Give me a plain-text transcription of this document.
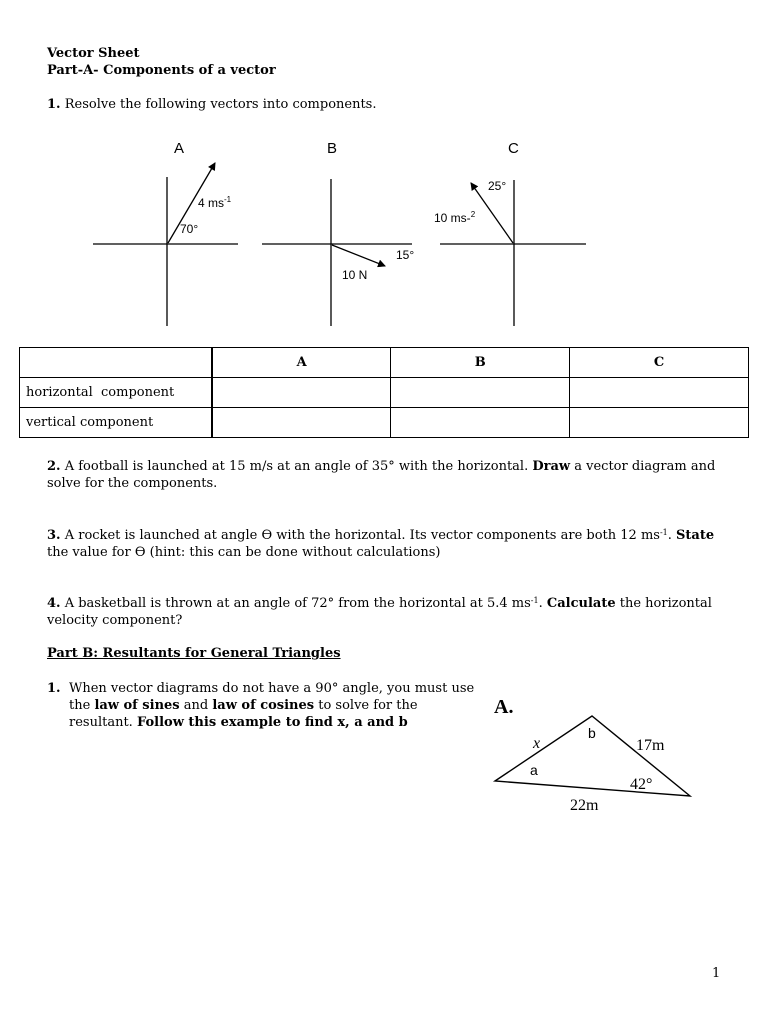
Vector Sheet
Part-A- Components of a vector
1. Resolve the following vectors into components.
A
4 $ms^{-1}$
70°
B
15°
10 N
C
25°
10 ms-$^2$
	A	B	C
horizontal  component			
vertical component			
2. A football is launched at 15 m/s at an angle of 35° with the horizontal. Draw a vector diagram and
solve for the components.
3. A rocket is launched at angle ϴ with the horizontal. Its vector components are both 12 $ms^{-1}$. State
the value for ϴ (hint: this can be done without calculations)
4. A basketball is thrown at an angle of 72° from the horizontal at 5.4 $ms^{-1}$. Calculate the horizontal
velocity component?
Part B: Resultants for General Triangles
1. When vector diagrams do not have a 90° angle, you must use
the law of sines and law of cosines to solve for the
resultant. Follow this example to find x, a and b
A.
x
a
b
17m
42°
22m
1
